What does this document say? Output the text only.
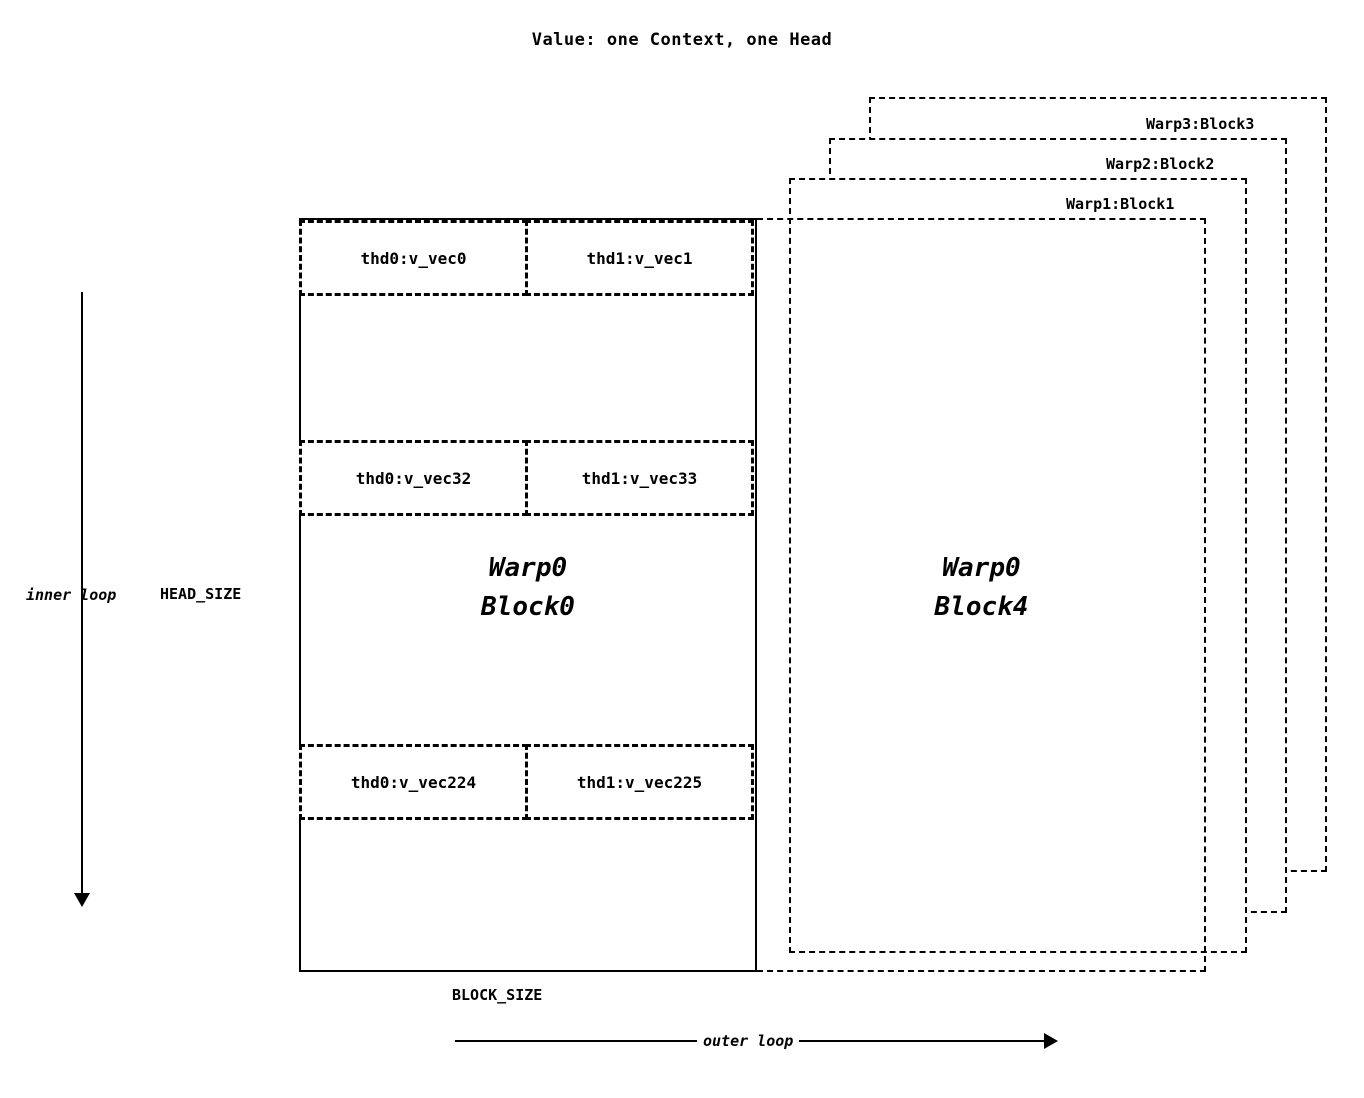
Value: one Context, one Head
Warp3:Block3
Warp2:Block2
Warp1:Block1
Warp0
Block4
Warp0
Block0
thd0:v_vec0	thd1:v_vec1
thd0:v_vec32	thd1:v_vec33
thd0:v_vec224	thd1:v_vec225
inner loop	HEAD_SIZE
BLOCK_SIZE
outer loop
